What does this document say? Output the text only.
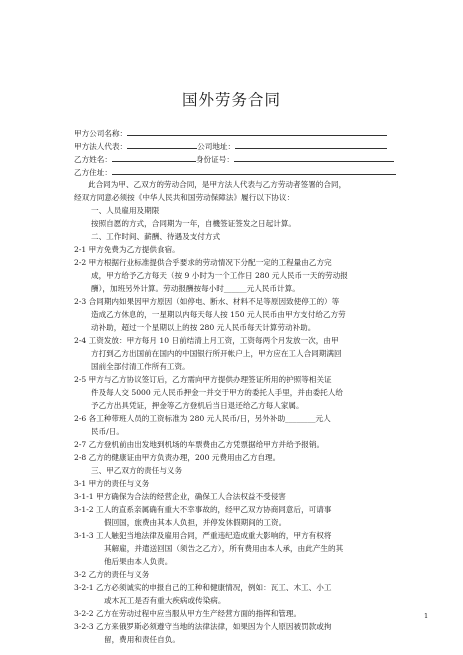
国外劳务合同
甲方公司名称：
甲方法人代表：	公司地址：
乙方姓名：	身份证号：
乙方住址：
此合同为甲、乙双方的劳动合同，是甲方法人代表与乙方劳动者签署的合同，
经双方同意必须按《中华人民共和国劳动保障法》履行以下协议：
一、人员雇用及期限
按照自愿的方式，合同期为一年，自機签证签发之日起计算。
二、工作时间、薪酬、待遇及支付方式
2-1 甲方免费为乙方提供食宿。
2-2 甲方根据行业标准提供合乎要求的劳动情况下分配一定的工程量由乙方完
成，甲方给予乙方每天（按 9 小时为一个工作日 280 元人民币一天的劳动报
酬），加班另外计算。劳动报酬按每小时______元人民币计算。
2-3 合同期内如果因甲方原因（如停电、断水、材料不足等原因致使停工的）等
造成乙方休息的，一星期以内每天每人按 150 元人民币由甲方支付给乙方劳
动补助，超过一个星期以上的按 280 元人民币每天计算劳动补助。
2-4 工资发放：甲方每月 10 日前结清上月工资，工资每两个月发放一次，由甲
方打到乙方出国前在国内的中国银行所开帐户上，甲方应在工人合同期满回
国前全部付清工作所有工资。
2-5 甲方与乙方协议签订后，乙方需向甲方提供办理签证所用的护照等相关证
件及每人交 5000 元人民币押金一并交于甲方的委托人手里，并由委托人给
予乙方出具凭证，押金等乙方登机后当日退还给乙方每人家属。
2-6 各工种带班人员的工资标准为 280 元人民币/日，另外补助________元人
民币/日。
2-7 乙方登机前由出发地到机场的车票费由乙方凭票据给甲方并给予报销。
2-8 乙方的健康证由甲方负责办理，200 元费用由乙方自理。
三、甲乙双方的责任与义务
3-1 甲方的责任与义务
3-1-1 甲方确保为合法的经营企业，确保工人合法权益不受侵害
3-1-2 工人的直系亲属确有重大不幸事故的，经甲乙双方协商同意后，可请事
假回国，旅费由其本人负担，并停发休假期间的工资。
3-1-3 工人触犯当地法律及雇用合同，严重违纪造成重大影响的，甲方有权将
其解雇，并遣送回国（须告之乙方），所有费用由本人承，由此产生的其
他后果由本人负责。
3-2 乙方的责任与义务
3-2-1 乙方必须诚实的申报自己的工种和健康情况，例如：瓦工、木工、小工
或木瓦工是否有重大疾病或传染病。
3-2-2 乙方在劳动过程中应当服从甲方生产经营方面的指挥和管理。
3-2-3 乙方来俄罗斯必须遵守当地的法律法律，如果因为个人原因被罚款或拘
留，费用和责任自负。
1
